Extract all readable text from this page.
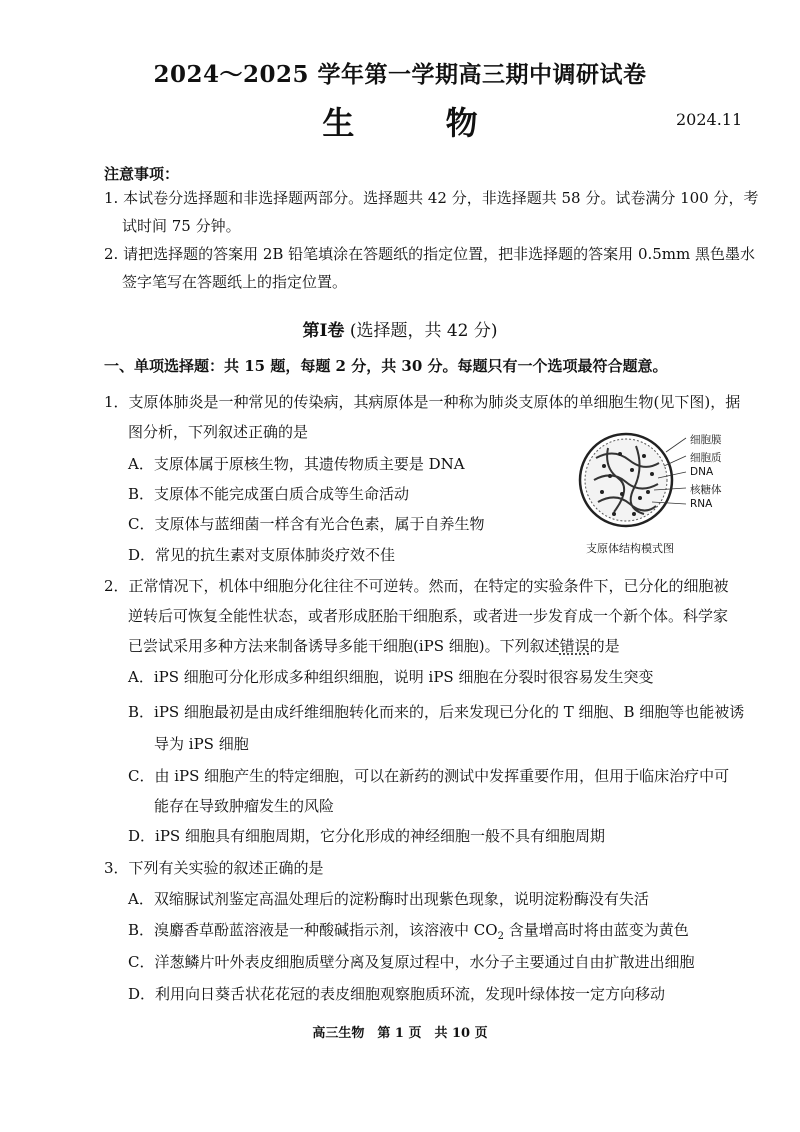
2024～2025 学年第一学期高三期中调研试卷
生 物	2024.11
注意事项：
1. 本试卷分选择题和非选择题两部分。选择题共 42 分，非选择题共 58 分。试卷满分 100 分，考
试时间 75 分钟。
2. 请把选择题的答案用 2B 铅笔填涂在答题纸的指定位置，把非选择题的答案用 0.5mm 黑色墨水
签字笔写在答题纸上的指定位置。
第Ⅰ卷 (选择题，共 42 分)
一、单项选择题：共 15 题，每题 2 分，共 30 分。每题只有一个选项最符合题意。
1．支原体肺炎是一种常见的传染病，其病原体是一种称为肺炎支原体的单细胞生物(见下图)，据
图分析，下列叙述正确的是
A．支原体属于原核生物，其遗传物质主要是 DNA
B．支原体不能完成蛋白质合成等生命活动
C．支原体与蓝细菌一样含有光合色素，属于自养生物
D．常见的抗生素对支原体肺炎疗效不佳
细胞膜
细胞质
DNA
核糖体
RNA
支原体结构模式图
2．正常情况下，机体中细胞分化往往不可逆转。然而，在特定的实验条件下，已分化的细胞被
逆转后可恢复全能性状态，或者形成胚胎干细胞系，或者进一步发育成一个新个体。科学家
已尝试采用多种方法来制备诱导多能干细胞(iPS 细胞)。下列叙述错误的是
A．iPS 细胞可分化形成多种组织细胞，说明 iPS 细胞在分裂时很容易发生突变
B．iPS 细胞最初是由成纤维细胞转化而来的，后来发现已分化的 T 细胞、B 细胞等也能被诱
导为 iPS 细胞
C．由 iPS 细胞产生的特定细胞，可以在新药的测试中发挥重要作用，但用于临床治疗中可
能存在导致肿瘤发生的风险
D．iPS 细胞具有细胞周期，它分化形成的神经细胞一般不具有细胞周期
3．下列有关实验的叙述正确的是
A．双缩脲试剂鉴定高温处理后的淀粉酶时出现紫色现象，说明淀粉酶没有失活
B．溴麝香草酚蓝溶液是一种酸碱指示剂，该溶液中 $CO_2$ 含量增高时将由蓝变为黄色
C．洋葱鳞片叶外表皮细胞质壁分离及复原过程中，水分子主要通过自由扩散进出细胞
D．利用向日葵舌状花花冠的表皮细胞观察胞质环流，发现叶绿体按一定方向移动
高三生物　第 1 页　共 10 页
